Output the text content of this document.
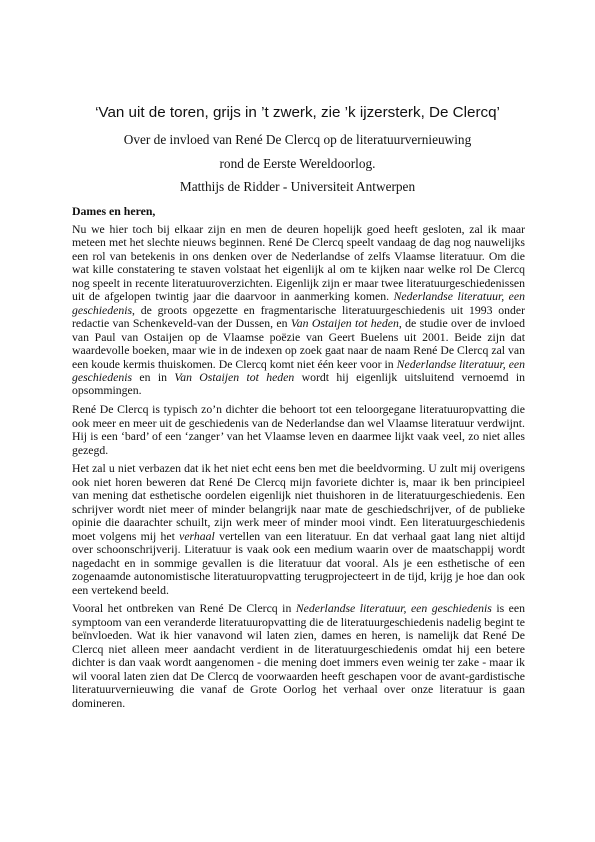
‘Van uit de toren, grijs in ’t zwerk, zie ’k ijzersterk, De Clercq’
Over de invloed van René De Clercq op de literatuurvernieuwing
rond de Eerste Wereldoorlog.
Matthijs de Ridder - Universiteit Antwerpen
Dames en heren,

Nu we hier toch bij elkaar zijn en men de deuren hopelijk goed heeft gesloten, zal ik maar meteen met het slechte nieuws beginnen. René De Clercq speelt vandaag de dag nog nauwelijks een rol van betekenis in ons denken over de Nederlandse of zelfs Vlaamse literatuur. Om die wat kille constatering te staven volstaat het eigenlijk al om te kijken naar welke rol De Clercq nog speelt in recente literatuuroverzichten. Eigenlijk zijn er maar twee literatuurgeschiedenissen uit de afgelopen twintig jaar die daarvoor in aanmerking komen. Nederlandse literatuur, een geschiedenis, de groots opgezette en fragmentarische literatuurgeschiedenis uit 1993 onder redactie van Schenkeveld-van der Dussen, en Van Ostaijen tot heden, de studie over de invloed van Paul van Ostaijen op de Vlaamse poëzie van Geert Buelens uit 2001. Beide zijn dat waardevolle boeken, maar wie in de indexen op zoek gaat naar de naam René De Clercq zal van een koude kermis thuiskomen. De Clercq komt niet één keer voor in Nederlandse literatuur, een geschiedenis en in Van Ostaijen tot heden wordt hij eigenlijk uitsluitend vernoemd in opsommingen.

René De Clercq is typisch zo’n dichter die behoort tot een teloorgegane literatuuropvatting die ook meer en meer uit de geschiedenis van de Nederlandse dan wel Vlaamse literatuur verdwijnt. Hij is een ‘bard’ of een ‘zanger’ van het Vlaamse leven en daarmee lijkt vaak veel, zo niet alles gezegd.

Het zal u niet verbazen dat ik het niet echt eens ben met die beeldvorming. U zult mij overigens ook niet horen beweren dat René De Clercq mijn favoriete dichter is, maar ik ben principieel van mening dat esthetische oordelen eigenlijk niet thuishoren in de literatuurgeschiedenis. Een schrijver wordt niet meer of minder belangrijk naar mate de geschiedschrijver, of de publieke opinie die daarachter schuilt, zijn werk meer of minder mooi vindt. Een literatuurgeschiedenis moet volgens mij het verhaal vertellen van een literatuur. En dat verhaal gaat lang niet altijd over schoonschrijverij. Literatuur is vaak ook een medium waarin over de maatschappij wordt nagedacht en in sommige gevallen is die literatuur dat vooral. Als je een esthetische of een zogenaamde autonomistische literatuuropvatting terugprojecteert in de tijd, krijg je hoe dan ook een vertekend beeld.

Vooral het ontbreken van René De Clercq in Nederlandse literatuur, een geschiedenis is een symptoom van een veranderde literatuuropvatting die de literatuurgeschiedenis nadelig begint te beïnvloeden. Wat ik hier vanavond wil laten zien, dames en heren, is namelijk dat René De Clercq niet alleen meer aandacht verdient in de literatuurgeschiedenis omdat hij een betere dichter is dan vaak wordt aangenomen - die mening doet immers even weinig ter zake - maar ik wil vooral laten zien dat De Clercq de voorwaarden heeft geschapen voor de avant-gardistische literatuurvernieuwing die vanaf de Grote Oorlog het verhaal over onze literatuur is gaan domineren.
